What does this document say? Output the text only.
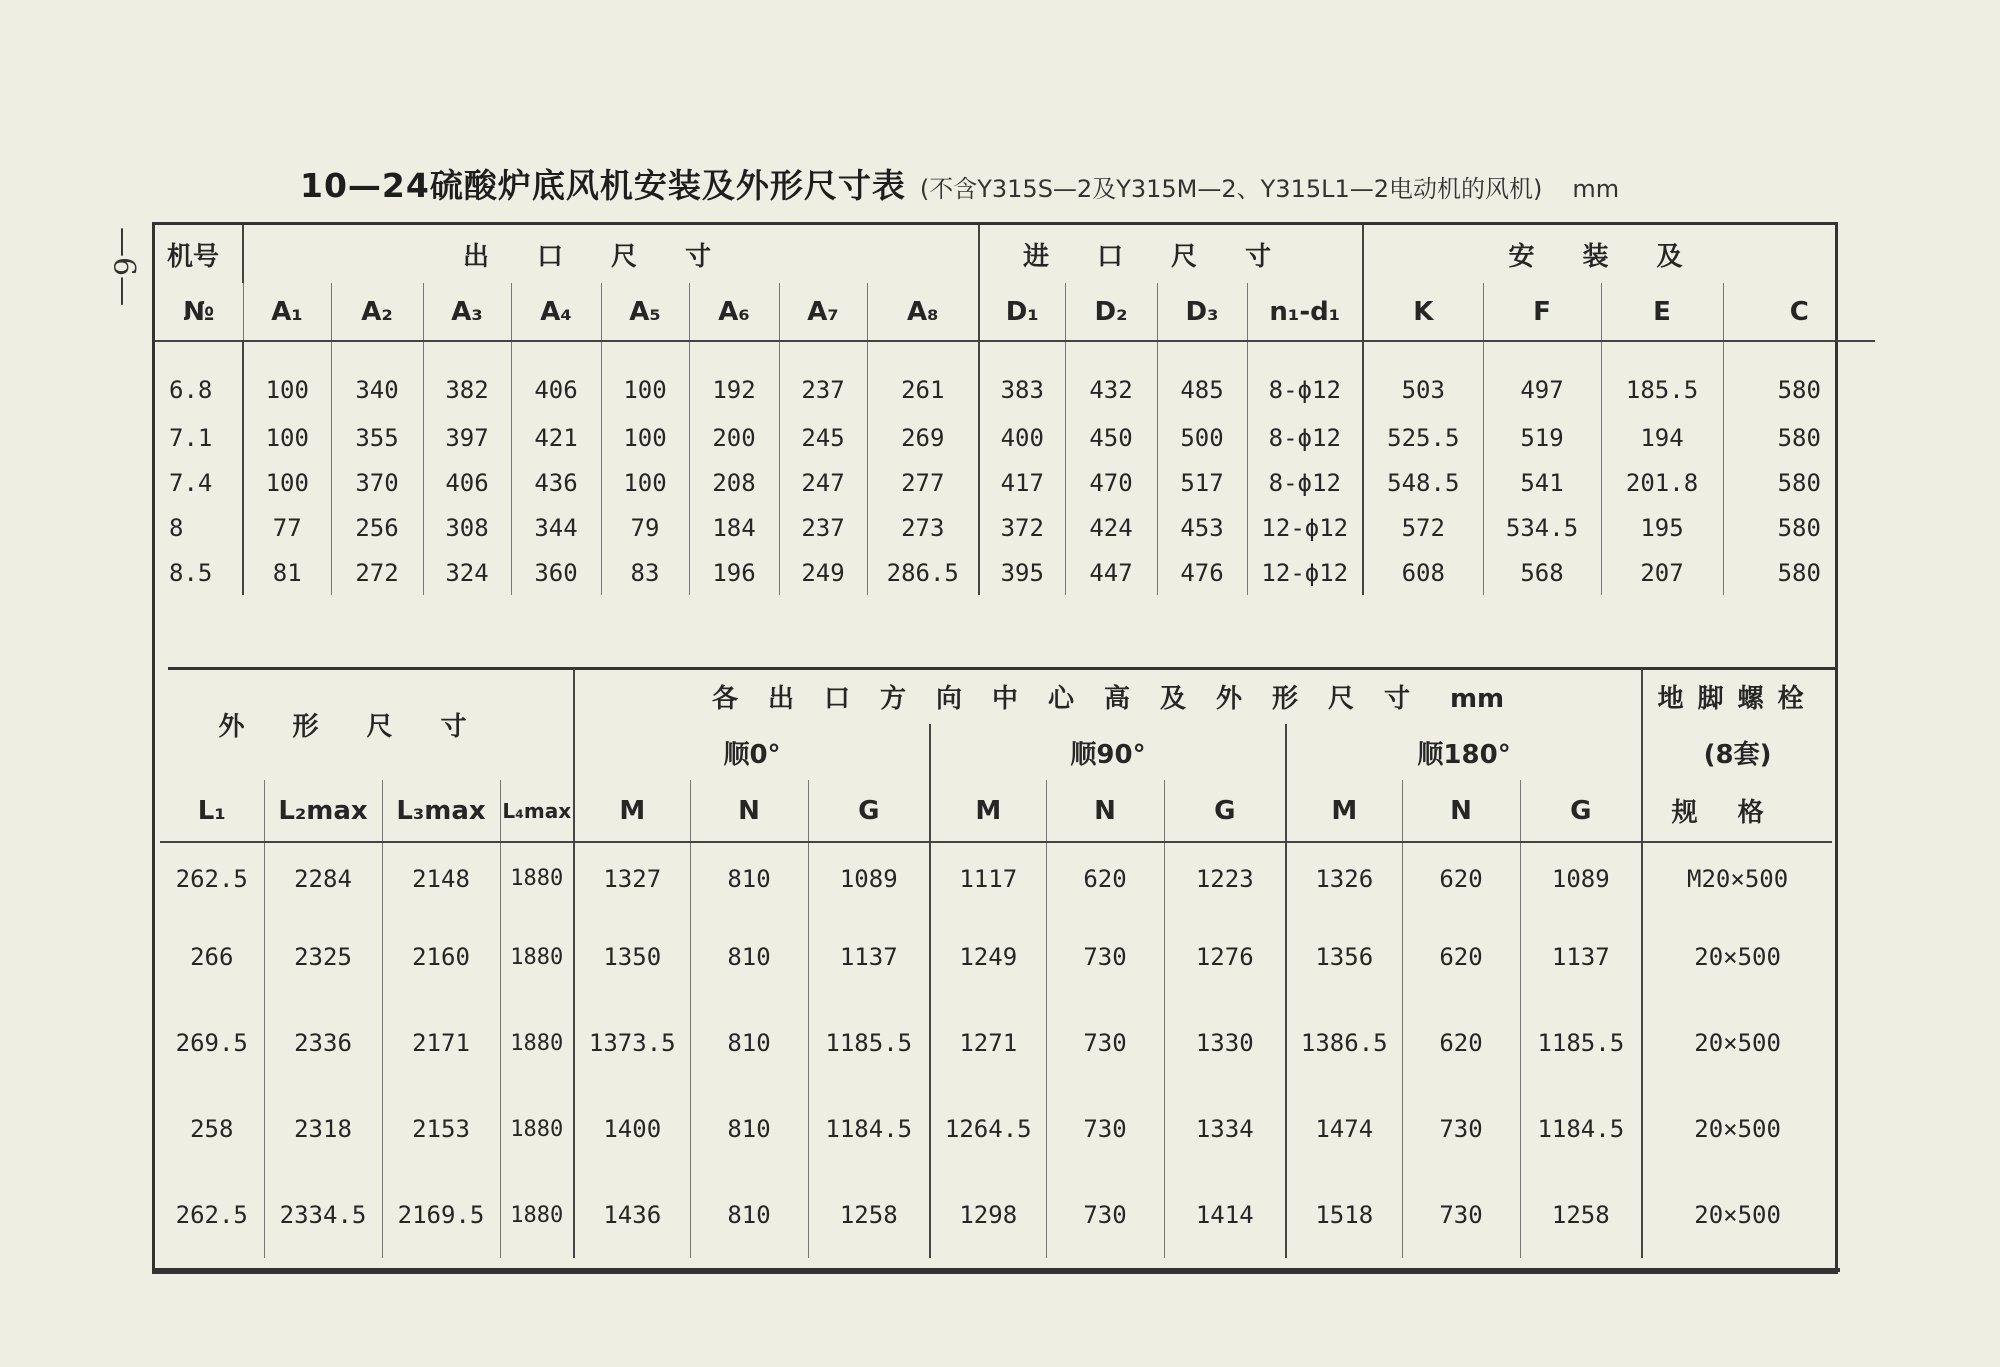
—6—
10—24硫酸炉底风机安装及外形尺寸表 (不含Y315S—2及Y315M—2、Y315L1—2电动机的风机) mm
机号	出口尺寸								进口尺寸				安装及			
№	A₁	A₂	A₃	A₄	A₅	A₆	A₇	A₈	D₁	D₂	D₃	n₁-d₁	K	F	E	C
6.8	100	340	382	406	100	192	237	261	383	432	485	8-ϕ12	503	497	185.5	580
7.1	100	355	397	421	100	200	245	269	400	450	500	8-ϕ12	525.5	519	194	580
7.4	100	370	406	436	100	208	247	277	417	470	517	8-ϕ12	548.5	541	201.8	580
8	77	256	308	344	79	184	237	273	372	424	453	12-ϕ12	572	534.5	195	580
8.5	81	272	324	360	83	196	249	286.5	395	447	476	12-ϕ12	608	568	207	580
外形尺寸				各出口方向中心高及外形尺寸 mm									地脚螺栓
				顺0°			顺90°			顺180°			(8套)
L₁	L₂max	L₃max	L₄max	M	N	G	M	N	G	M	N	G	规格
262.5	2284	2148	1880	1327	810	1089	1117	620	1223	1326	620	1089	M20×500
266	2325	2160	1880	1350	810	1137	1249	730	1276	1356	620	1137	20×500
269.5	2336	2171	1880	1373.5	810	1185.5	1271	730	1330	1386.5	620	1185.5	20×500
258	2318	2153	1880	1400	810	1184.5	1264.5	730	1334	1474	730	1184.5	20×500
262.5	2334.5	2169.5	1880	1436	810	1258	1298	730	1414	1518	730	1258	20×500
